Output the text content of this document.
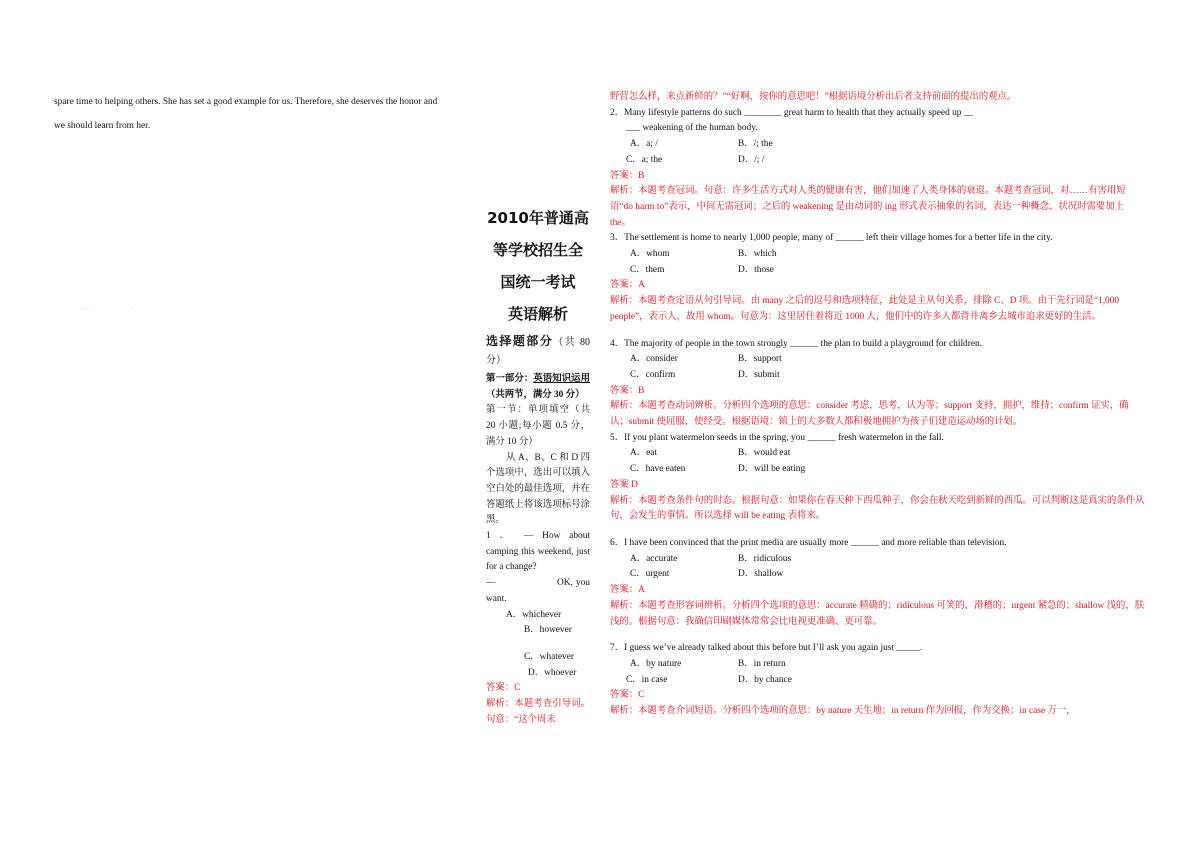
spare time to helping others. She has set a good example for us. Therefore, she deserves the honor and
we should learn from her.
· · ·　　　　　　　·
2010年普通高
等学校招生全
国统一考试
英语解析
选择题部分（共 80 分）
第一部分：英语知识运用（共两节，满分 30 分）
第一节：单项填空（共 20 小题;每小题 0.5 分，满分 10 分）
从 A、B、C 和 D 四个选项中，选出可以填入空白处的最佳选项，并在答题纸上将该选项标号涂黑。
1 ． — How about camping this weekend, just for a change?
—　　　　　　OK, you want.
A．whichever
B．however
C．whatever
D．whoever
答案：C
解析：本题考查引导词。句意：“这个周末
野营怎么样，来点新鲜的？”“好啊，按你的意思吧！”根据语境分析出后者支持前面的提出的观点。
2．Many lifestyle patterns do such ________ great harm to health that they actually speed up __
___ weakening of the human body.
A．a; /	B．/; the
C．a; the	D．/; /
答案：B
解析：本题考查冠词。句意：许多生活方式对人类的健康有害，他们加速了人类身体的衰退。本题考查冠词，对……有害用短语“do harm to”表示，中间无需冠词；之后的 weakening 是由动词的 ing 形式表示抽象的名词，表达一种概念、状况时需要加上 the。
3．The settlement is home to nearly 1,000 people, many of ______ left their village homes for a better life in the city.
A．whom	B．which
C．them	D．those
答案：A
解析：本题考查定语从句引导词。由 many 之后的逗号和选项特征，此处是主从句关系，排除 C、D 项。由于先行词是“1,000 people”，表示人，故用 whom。句意为：这里居住着将近 1000 人，他们中的许多人都背井离乡去城市追求更好的生活。
4．The majority of people in the town strongly ______ the plan to build a playground for children.
A．consider	B．support
C．confirm	D．submit
答案：B
解析：本题考查动词辨析。分析四个选项的意思：consider 考虑，思考，认为等；support 支持，拥护，维持；confirm 证实，确认；submit 使屈服，使经受。根据语境：镇上的大多数人都积极地拥护为孩子们建造运动场的计划。
5．If you plant watermelon seeds in the spring, you ______ fresh watermelon in the fall.
A．eat	B．would eat
C．have eaten	D．will be eating
答案 D
解析：本题考查条件句的时态。根据句意：如果你在春天种下西瓜种子，你会在秋天吃到新鲜的西瓜。可以判断这是真实的条件从句，会发生的事情。所以选择 will be eating 表将来。
6．I have been convinced that the print media are usually more ______ and more reliable than television.
A．accurate	B．ridiculous
C．urgent	D．shallow
答案：A
解析：本题考查形容词辨析。分析四个选项的意思：accurate 精确的；ridiculous 可笑的，滑稽的；urgent 紧急的；shallow 浅的，肤浅的。根据句意：我确信印刷媒体常常会比电视更准确、更可靠。
7．I guess we’ve already talked about this before but I’ll ask you again just _____.
A．by nature	B．in return
C．in case	D．by chance
答案：C
解析：本题考查介词短语。分析四个选项的意思：by nature 天生地；in return 作为回报，作为交换；in case 万一，
